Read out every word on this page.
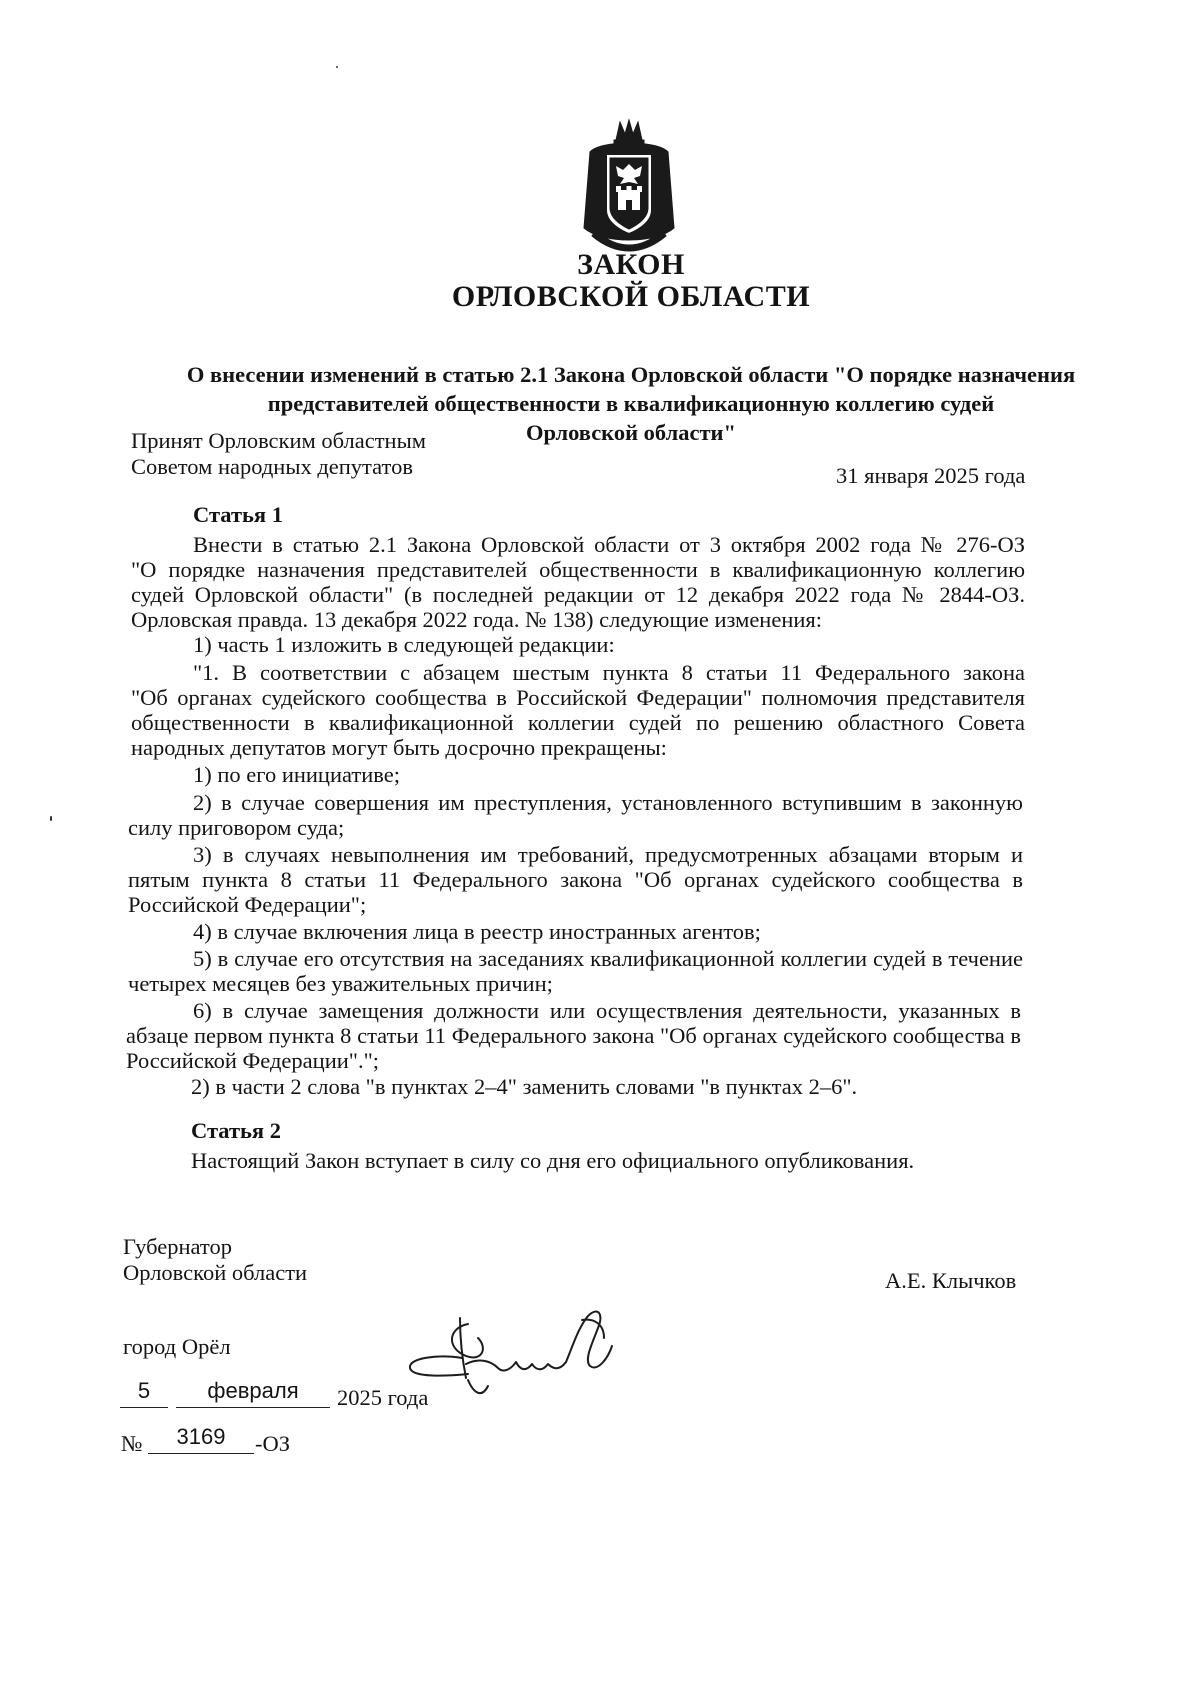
ЗАКОН
ОРЛОВСКОЙ ОБЛАСТИ
О внесении изменений в статью 2.1 Закона Орловской области "О порядке назначения
представителей общественности в квалификационную коллегию судей
Орловской области"
Принят Орловским областным
Советом народных депутатов	31 января 2025 года
Статья 1
Внести в статью 2.1 Закона Орловской области от 3 октября 2002 года № 276-ОЗ
"О порядке назначения представителей общественности в квалификационную коллегию
судей Орловской области" (в последней редакции от 12 декабря 2022 года № 2844-ОЗ.
Орловская правда. 13 декабря 2022 года. № 138) следующие изменения:
1) часть 1 изложить в следующей редакции:
"1. В соответствии с абзацем шестым пункта 8 статьи 11 Федерального закона
"Об органах судейского сообщества в Российской Федерации" полномочия представителя
общественности в квалификационной коллегии судей по решению областного Совета
народных депутатов могут быть досрочно прекращены:
1) по его инициативе;
2) в случае совершения им преступления, установленного вступившим в законную
силу приговором суда;
3) в случаях невыполнения им требований, предусмотренных абзацами вторым и
пятым пункта 8 статьи 11 Федерального закона "Об органах судейского сообщества в
Российской Федерации";
4) в случае включения лица в реестр иностранных агентов;
5) в случае его отсутствия на заседаниях квалификационной коллегии судей в течение
четырех месяцев без уважительных причин;
6) в случае замещения должности или осуществления деятельности, указанных в
абзаце первом пункта 8 статьи 11 Федерального закона "Об органах судейского сообщества в
Российской Федерации".";
2) в части 2 слова "в пунктах 2–4" заменить словами "в пунктах 2–6".
Статья 2
Настоящий Закон вступает в силу со дня его официального опубликования.
Губернатор
Орловской области	А.Е. Клычков
город Орёл
5	февраля	2025 года
№	3169	-ОЗ
